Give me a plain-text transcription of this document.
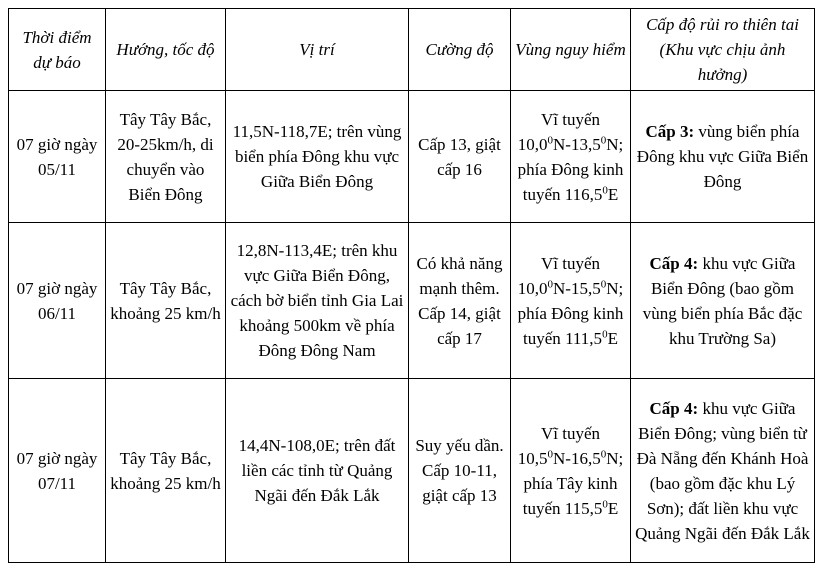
Thời điểm dự báo	Hướng, tốc độ	Vị trí	Cường độ	Vùng nguy hiểm	Cấp độ rủi ro thiên tai (Khu vực chịu ảnh hưởng)
07 giờ ngày 05/11	Tây Tây Bắc, 20-25km/h, di chuyển vào Biển Đông	11,5N-118,7E; trên vùng biển phía Đông khu vực Giữa Biển Đông	Cấp 13, giật cấp 16	Vĩ tuyến 10,0$^0$N-13,5$^0$N; phía Đông kinh tuyến 116,5$^0$E	Cấp 3: vùng biển phía Đông khu vực Giữa Biển Đông
07 giờ ngày 06/11	Tây Tây Bắc, khoảng 25 km/h	12,8N-113,4E; trên khu vực Giữa Biển Đông, cách bờ biển tỉnh Gia Lai khoảng 500km về phía Đông Đông Nam	Có khả năng mạnh thêm. Cấp 14, giật cấp 17	Vĩ tuyến 10,0$^0$N-15,5$^0$N; phía Đông kinh tuyến 111,5$^0$E	Cấp 4: khu vực Giữa Biển Đông (bao gồm vùng biển phía Bắc đặc khu Trường Sa)
07 giờ ngày 07/11	Tây Tây Bắc, khoảng 25 km/h	14,4N-108,0E; trên đất liền các tỉnh từ Quảng Ngãi đến Đắk Lắk	Suy yếu dần. Cấp 10-11, giật cấp 13	Vĩ tuyến 10,5$^0$N-16,5$^0$N; phía Tây kinh tuyến 115,5$^0$E	Cấp 4: khu vực Giữa Biển Đông; vùng biển từ Đà Nẵng đến Khánh Hoà (bao gồm đặc khu Lý Sơn); đất liền khu vực Quảng Ngãi đến Đắk Lắk
